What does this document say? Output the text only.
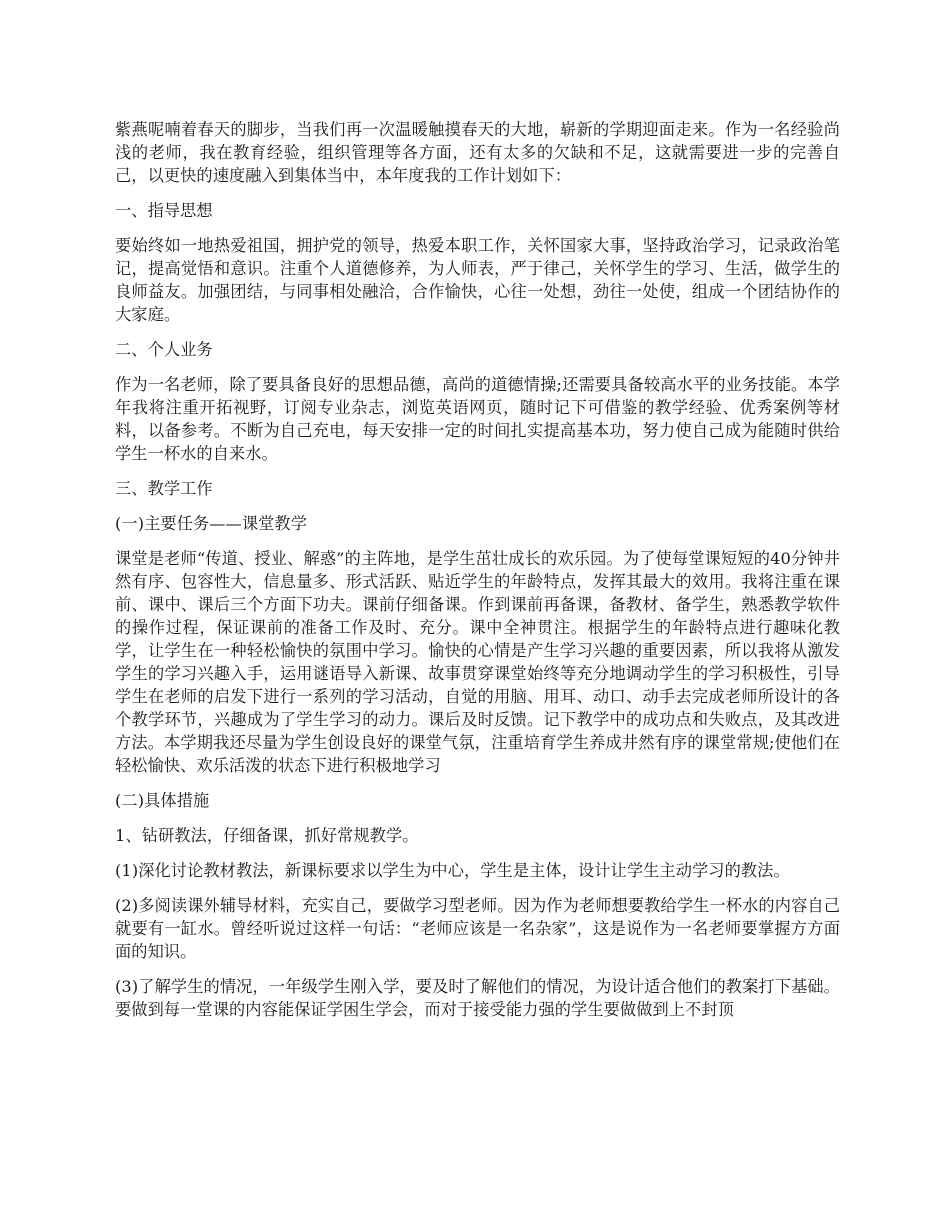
紫燕呢喃着春天的脚步，当我们再一次温暖触摸春天的大地，崭新的学期迎面走来。作为一名经验尚浅的老师，我在教育经验，组织管理等各方面，还有太多的欠缺和不足，这就需要进一步的完善自己，以更快的速度融入到集体当中，本年度我的工作计划如下：

一、指导思想

要始终如一地热爱祖国，拥护党的领导，热爱本职工作，关怀国家大事，坚持政治学习，记录政治笔记，提高觉悟和意识。注重个人道德修养，为人师表，严于律己，关怀学生的学习、生活，做学生的良师益友。加强团结，与同事相处融洽，合作愉快，心往一处想，劲往一处使，组成一个团结协作的大家庭。

二、个人业务

作为一名老师，除了要具备良好的思想品德，高尚的道德情操;还需要具备较高水平的业务技能。本学年我将注重开拓视野，订阅专业杂志，浏览英语网页，随时记下可借鉴的教学经验、优秀案例等材料，以备参考。不断为自己充电，每天安排一定的时间扎实提高基本功，努力使自己成为能随时供给学生一杯水的自来水。

三、教学工作

(一)主要任务——课堂教学

课堂是老师“传道、授业、解惑”的主阵地，是学生茁壮成长的欢乐园。为了使每堂课短短的40分钟井然有序、包容性大，信息量多、形式活跃、贴近学生的年龄特点，发挥其最大的效用。我将注重在课前、课中、课后三个方面下功夫。课前仔细备课。作到课前再备课，备教材、备学生，熟悉教学软件的操作过程，保证课前的准备工作及时、充分。课中全神贯注。根据学生的年龄特点进行趣味化教学，让学生在一种轻松愉快的氛围中学习。愉快的心情是产生学习兴趣的重要因素，所以我将从激发学生的学习兴趣入手，运用谜语导入新课、故事贯穿课堂始终等充分地调动学生的学习积极性，引导学生在老师的启发下进行一系列的学习活动，自觉的用脑、用耳、动口、动手去完成老师所设计的各个教学环节，兴趣成为了学生学习的动力。课后及时反馈。记下教学中的成功点和失败点，及其改进方法。本学期我还尽量为学生创设良好的课堂气氛，注重培育学生养成井然有序的课堂常规;使他们在轻松愉快、欢乐活泼的状态下进行积极地学习

(二)具体措施

1、钻研教法，仔细备课，抓好常规教学。

(1)深化讨论教材教法，新课标要求以学生为中心，学生是主体，设计让学生主动学习的教法。

(2)多阅读课外辅导材料，充实自己，要做学习型老师。因为作为老师想要教给学生一杯水的内容自己就要有一缸水。曾经听说过这样一句话：“老师应该是一名杂家”，这是说作为一名老师要掌握方方面面的知识。

(3)了解学生的情况，一年级学生刚入学，要及时了解他们的情况，为设计适合他们的教案打下基础。要做到每一堂课的内容能保证学困生学会，而对于接受能力强的学生要做做到上不封顶
